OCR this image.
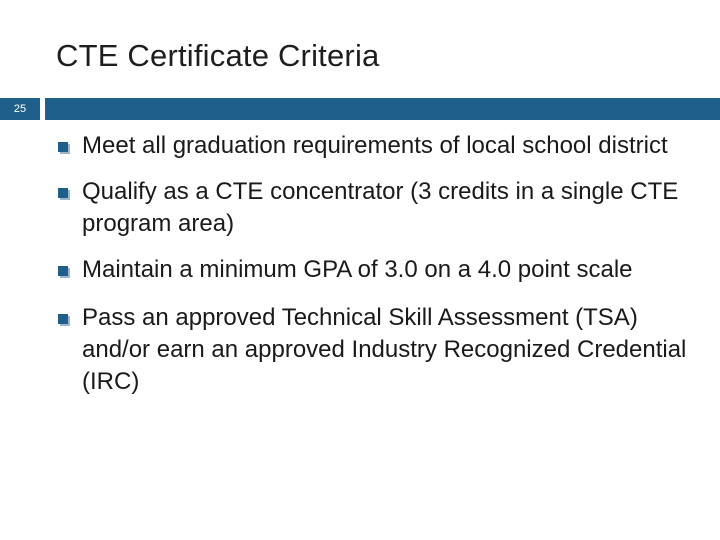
CTE Certificate Criteria
25
Meet all graduation requirements of local school district
Qualify as a CTE concentrator (3 credits in a single CTE program area)
Maintain a minimum GPA of 3.0 on a 4.0 point scale
Pass an approved Technical Skill Assessment (TSA) and/or earn an approved Industry Recognized Credential (IRC)
